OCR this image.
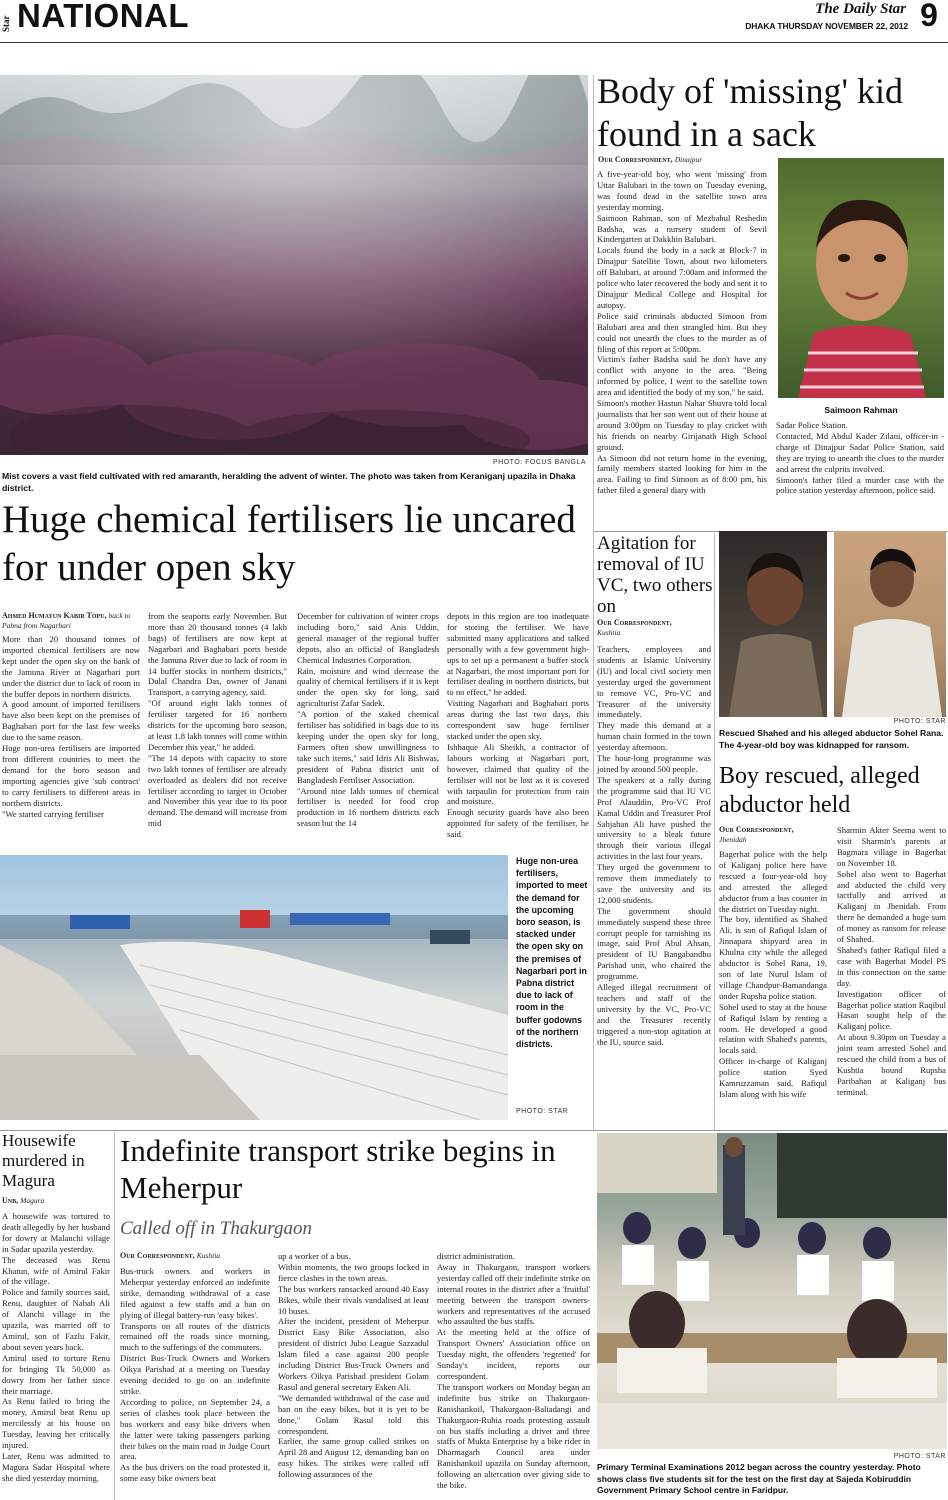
Star NATIONAL	The Daily Star
DHAKA THURSDAY NOVEMBER 22, 2012 9
PHOTO: FOCUS BANGLA
Mist covers a vast field cultivated with red amaranth, heralding the advent of winter. The photo was taken from Keraniganj upazila in Dhaka district.
Huge chemical fertilisers lie uncared for under open sky
Ahmed Humayun Kabir Topu, back to Pabna from Nagarbari
More than 20 thousand tonnes of imported chemical fertilisers are now kept under the open sky on the bank of the Jamuna River at Nagarbari port under the district due to lack of room in the buffer depots in northern districts.
A good amount of imported fertilisers have also been kept on the premises of Baghabari port for the last few weeks due to the same reason.
Huge non-urea fertilisers are imported from different countries to meet the demand for the boro season and importing agencies give 'sub contract' to carry fertilisers to different areas in northern districts.
"We started carrying fertiliser
from the seaports early November. But more than 20 thousand tonnes (4 lakh bags) of fertilisers are now kept at Nagarbari and Baghabari ports beside the Jamuna River due to lack of room in 14 buffer stocks in northern districts," Dulal Chandra Das, owner of Janani Transport, a carrying agency, said.
"Of around eight lakh tonnes of fertiliser targeted for 16 northern districts for the upcoming boro season, at least 1.8 lakh tonnes will come within December this year," he added.
"The 14 depots with capacity to store two lakh tonnes of fertiliser are already overloaded as dealers did not receive fertiliser according to target in October and November this year due to its poor demand. The demand will increase from mid
December for cultivation of winter crops including boro," said Anis Uddin, general manager of the regional buffer depots, also an official of Bangladesh Chemical Industries Corporation.
Rain, moisture and wind decrease the quality of chemical fertilisers if it is kept under the open sky for long, said agriculturist Zafar Sadek.
"A portion of the staked chemical fertiliser has solidified in bags due to its keeping under the open sky for long. Farmers often show unwillingness to take such items," said Idris Ali Bishwas, president of Pabna district unit of Bangladesh Fertiliser Association.
"Around nine lakh tonnes of chemical fertiliser is needed for food crop production in 16 northern districts each season but the 14
depots in this region are too inadequate for storing the fertiliser. We have submitted many applications and talked personally with a few government high-ups to set up a permanent a buffer stock at Nagarbari, the most important port for fertiliser dealing in northern districts, but to no effect," he added.
Visiting Nagarbari and Baghabari ports areas during the last two days, this correspondent saw huge fertiliser stacked under the open sky.
Ishhaque Ali Sheikh, a contractor of labours working at Nagarbari port, however, claimed that quality of the fertiliser will not be lost as it is covered with tarpaulin for protection from rain and moisture.
Enough security guards have also been appointed for safety of the fertiliser, he said.
Huge non-urea fertilisers, imported to meet the demand for the upcoming boro season, is stacked under the open sky on the premises of Nagarbari port in Pabna district due to lack of room in the buffer godowns of the northern districts.
PHOTO: STAR
Body of 'missing' kid found in a sack
Our Correspondent, Dinajpur
A five-year-old boy, who went 'missing' from Uttar Balubari in the town on Tuesday evening, was found dead in the satellite town area yesterday morning.
Saimoon Rahman, son of Mezbahul Reshedin Badsha, was a nursery student of Sevil Kindergarten at Dakkhin Balubari.
Locals found the body in a sack at Block-7 in Dinajpur Satellite Town, about two kilometers off Balubari, at around 7:00am and informed the police who later recovered the body and sent it to Dinajpur Medical College and Hospital for autopsy.
Police said criminals abducted Simoon from Balubari area and then strangled him. But they could not unearth the clues to the murder as of filing of this report at 5:00pm.
Victim's father Badsha said he don't have any conflict with anyone in the area. "Being informed by police, I went to the satellite town area and identified the body of my son," he said.
Simoon's mother Hastun Nahar Shuvra told local journalists that her son went out of their house at around 3:00pm on Tuesday to play cricket with his friends on nearby Girijanath High School ground.
As Simoon did not return home in the evening, family members started looking for him in the area. Failing to find Simoon as of 8:00 pm, his father filed a general diary with
Saimoon Rahman
Sadar Police Station.
Contacted, Md Abdul Kader Zilani, officer-in -charge of Dinajpur Sadar Police Station, said they are trying to unearth the clues to the murder and arrest the culprits involved.
Simoon's father filed a murder case with the police station yesterday afternoon, police said.
Agitation for removal of IU VC, two others on
Our Correspondent,
Kushtia
Teachers, employees and students at Islamic University (IU) and local civil society men yesterday urged the government to remove VC, Pro-VC and Treasurer of the university immediately.
They made this demand at a human chain formed in the town yesterday afternoon.
The hour-long programme was joined by around 500 people.
The speakers at a rally during the programme said that IU VC Prof Alauddin, Pro-VC Prof Kamal Uddin and Treasurer Prof Sahjahan Ali have pushed the university to a bleak future through their various illegal activities in the last four years.
They urged the government to remove them immediately to save the university and its 12,000 students.
The government should immediately suspend these three corrupt people for tarnishing its image, said Prof Abul Ahsan, president of IU Bangabandhu Parishad unit, who chaired the programme.
Alleged illegal recruitment of teachers and staff of the university by the VC, Pro-VC and the Treasurer recently triggered a non-stop agitation at the IU, source said.
PHOTO: STAR
Rescued Shahed and his alleged abductor Sohel Rana. The 4-year-old boy was kidnapped for ransom.
Boy rescued, alleged abductor held
Our Correspondent,
Jhenidah
Bagerhat police with the help of Kaliganj police here have rescued a four-year-old boy and arrested the alleged abductor from a bus counter in the district on Tuesday night.
The boy, identified as Shahed Ali, is son of Rafiqul Islam of Jinnapara shipyard area in Khulna city while the alleged abductor is Sohel Rana, 19, son of late Nurul Islam of village Chandpur-Bamandanga under Rupsha police station.
Sohel used to stay at the house of Rafiqul Islam by renting a room. He developed a good relation with Shahed's parents, locals said.
Officer in-charge of Kaliganj police station Syed Kamruzzaman said, Rafiqul Islam along with his wife
Sharmin Akter Seema went to visit Sharmin's parents at Bagmara village in Bagerhat on November 18.
Sohel also went to Bagerhat and abducted the child very tactfully and arrived at Kaliganj in Jhenidah. From there he demanded a huge sum of money as ransom for release of Shahed.
Shahed's father Rafiqul filed a case with Bagerhat Model PS in this connection on the same day.
Investigation officer of Bagerhat police station Raqibul Hasan sought help of the Kaliganj police.
At about 9.30pm on Tuesday a joint team arrested Sohel and rescued the child from a bus of Kushtia bound Rupsha Paribahan at Kaliganj bus terminal.
Housewife murdered in Magura
Unb, Magura
A housewife was tortured to death allegedly by her husband for dowry at Malanchi village in Sadar upazila yesterday.
The deceased was Renu Khatun, wife of Amirul Fakir of the village.
Police and family sources said, Renu, daughter of Nabab Ali of Alanchi village in the upazila, was married off to Amirul, son of Fazlu Fakir, about seven years back.
Amirul used to torture Renu for bringing Tk 50,000 as dowry from her father since their marriage.
As Renu failed to bring the money, Amirul beat Renu up mercilessly at his house on Tuesday, leaving her critically injured.
Later, Renu was admitted to Magura Sadar Hospital where she died yesterday morning.
Indefinite transport strike begins in Meherpur
Called off in Thakurgaon
Our Correspondent, Kushtia
Bus-truck owners and workers in Meherpur yesterday enforced an indefinite strike, demanding withdrawal of a case filed against a few staffs and a ban on plying of illegal battery-run 'easy bikes'.
Transports on all routes of the districts remained off the roads since morning, much to the sufferings of the commuters.
District Bus-Truck Owners and Workers Oikya Parishad at a meeting on Tuesday evening decided to go on an indefinite strike.
According to police, on September 24, a series of clashes took place between the bus workers and easy bike drivers when the latter were taking passengers parking their bikes on the main road in Judge Court area.
As the bus drivers on the road protested it, some easy bike owners beat
up a worker of a bus.
Within moments, the two groups locked in fierce clashes in the town areas.
The bus workers ransacked around 40 Easy Bikes, while their rivals vandalised at least 10 buses.
After the incident, president of Meherpur District Easy Bike Association, also president of district Jubo League Sazzadul Islam filed a case against 200 people including District Bus-Truck Owners and Workers Oikya Parishad president Golam Rasul and general secretary Esken Ali.
"We demanded withdrawal of the case and ban on the easy bikes, but it is yet to be done," Golam Rasul told this correspondent.
Earlier, the same group called strikes on April 28 and August 12, demanding ban on easy bikes. The strikes were called off following assurances of the
district administration.
Away in Thakurgaon, transport workers yesterday called off their indefinite strike on internal routes in the district after a 'fruitful' meeting between the transport owners-workers and representatives of the accused who assaulted the bus staffs.
At the meeting held at the office of Transport Owners' Association office on Tuesday night, the offenders 'regretted' for Sunday's incident, reports our correspondent.
The transport workers on Monday began an indefinite bus strike on Thakurgaon-Ranishankoil, Thakurgaon-Baliadangi and Thakurgaon-Ruhia roads protesting assault on bus staffs including a driver and three staffs of Mukta Enterprise by a bike rider in Dharmagarh Council area under Ranishankoil upazila on Sunday afternoon, following an altercation over giving side to the bike.
PHOTO: STAR
Primary Terminal Examinations 2012 began across the country yesterday. Photo shows class five students sit for the test on the first day at Sajeda Kobiruddin Government Primary School centre in Faridpur.
